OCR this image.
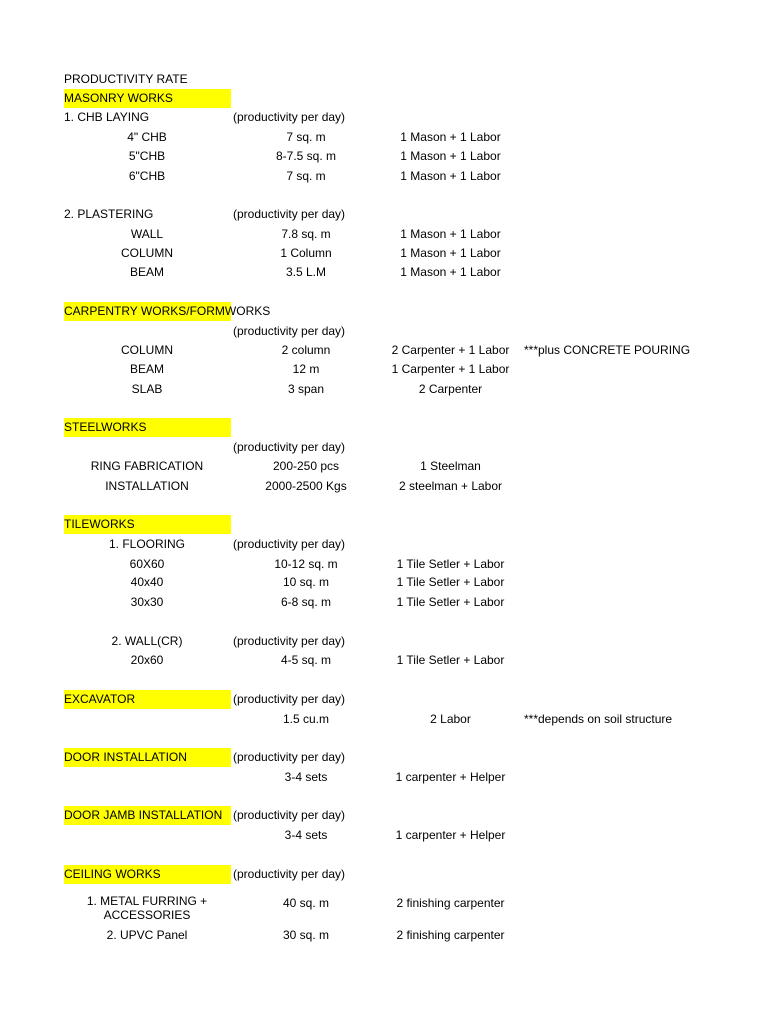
PRODUCTIVITY RATE
MASONRY WORKS
1. CHB LAYING	(productivity per day)
4" CHB	7 sq. m	1 Mason + 1 Labor
5"CHB	8-7.5 sq. m	1 Mason + 1 Labor
6"CHB	7 sq. m	1 Mason + 1 Labor
2. PLASTERING	(productivity per day)
WALL	7.8 sq. m	1 Mason + 1 Labor
COLUMN	1 Column	1 Mason + 1 Labor
BEAM	3.5 L.M	1 Mason + 1 Labor
CARPENTRY WORKS/FORMWORKS
(productivity per day)
COLUMN	2 column	2 Carpenter + 1 Labor	***plus CONCRETE POURING
BEAM	12 m	1 Carpenter + 1 Labor
SLAB	3 span	2 Carpenter
STEELWORKS
(productivity per day)
RING FABRICATION	200-250 pcs	1 Steelman
INSTALLATION	2000-2500 Kgs	2 steelman + Labor
TILEWORKS
1. FLOORING	(productivity per day)
60X60	10-12 sq. m	1 Tile Setler + Labor
40x40	10 sq. m	1 Tile Setler + Labor
30x30	6-8 sq. m	1 Tile Setler + Labor
2. WALL(CR)	(productivity per day)
20x60	4-5 sq. m	1 Tile Setler + Labor
EXCAVATOR	(productivity per day)
1.5 cu.m	2 Labor	***depends on soil structure
DOOR INSTALLATION	(productivity per day)
3-4 sets	1 carpenter + Helper
DOOR JAMB INSTALLATION (productivity per day)
3-4 sets	1 carpenter + Helper
CEILING WORKS	(productivity per day)
1. METAL FURRING + ACCESSORIES
40 sq. m	2 finishing carpenter
2. UPVC Panel	30 sq. m	2 finishing carpenter
